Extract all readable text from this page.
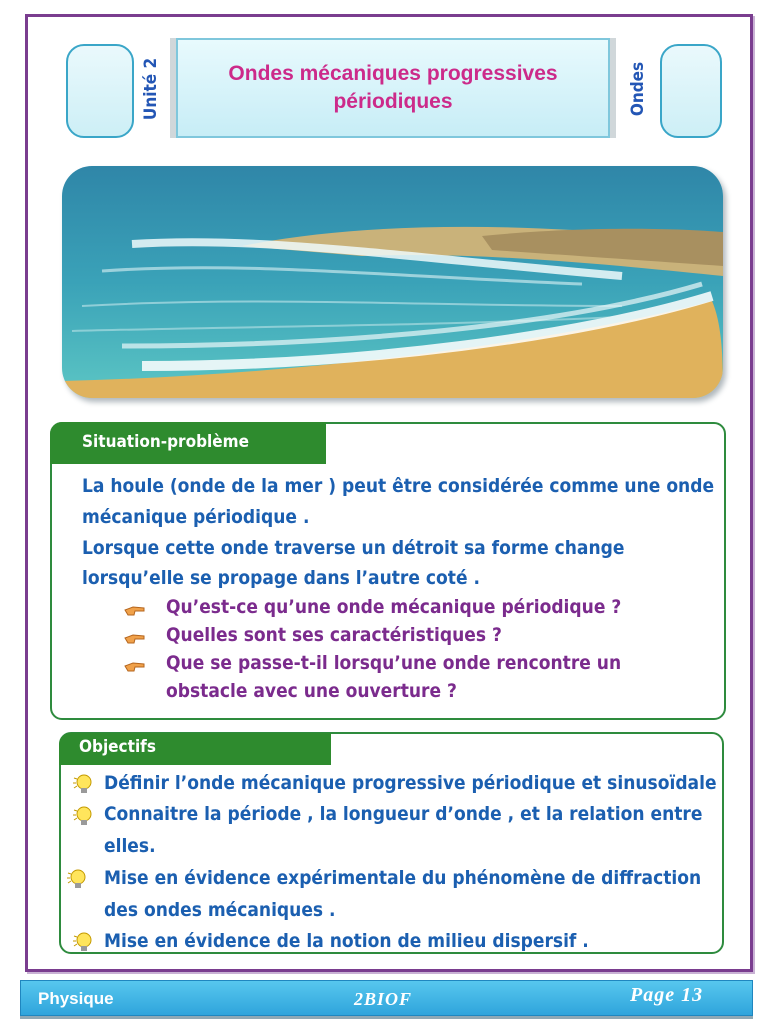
Unité 2	Ondes
Ondes mécaniques progressives
périodiques
Situation-problème
La houle (onde de la mer ) peut être considérée comme une onde
mécanique périodique .
Lorsque cette onde traverse un détroit sa forme change
lorsqu’elle se propage dans l’autre coté .
Qu’est-ce qu’une onde mécanique périodique ?
Quelles sont ses caractéristiques ?
Que se passe-t-il lorsqu’une onde rencontre un
obstacle avec une ouverture ?
Objectifs
Définir l’onde mécanique progressive périodique et sinusoïdale
Connaitre la période , la longueur d’onde , et la relation entre
elles.
Mise en évidence expérimentale du phénomène de diffraction
des ondes mécaniques .
Mise en évidence de la notion de milieu dispersif .
Physique	2BIOF	Page 13
